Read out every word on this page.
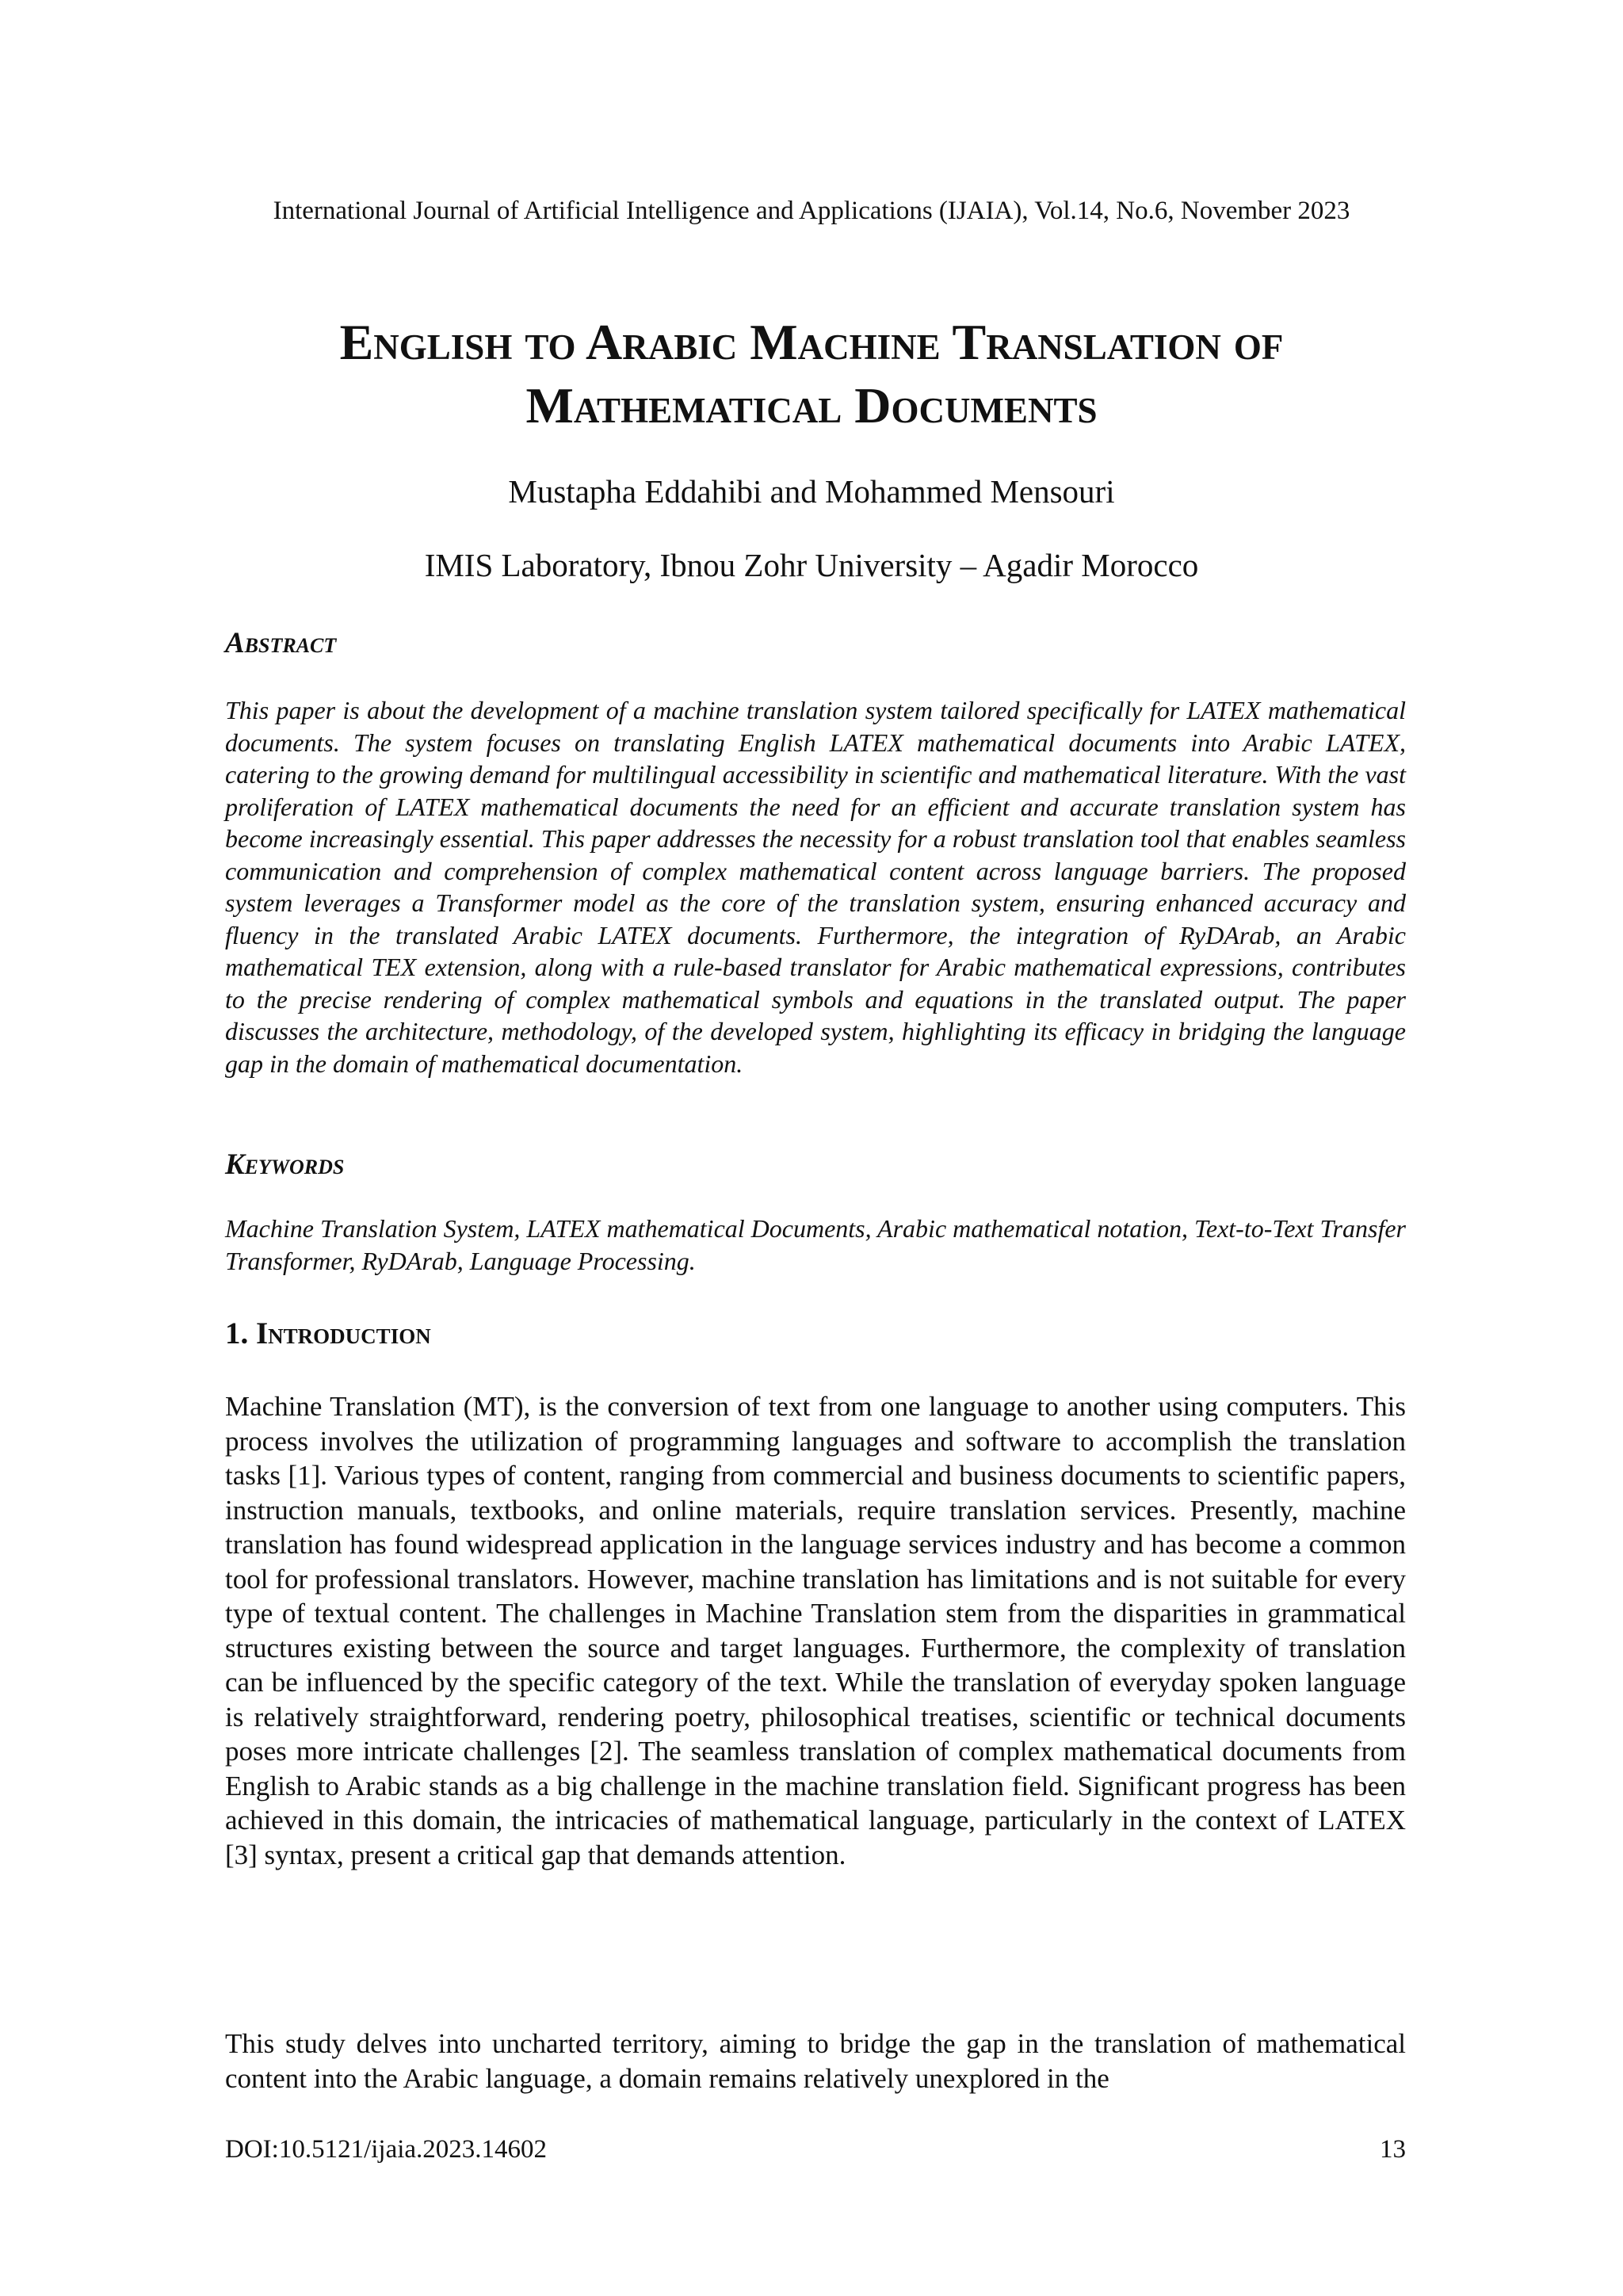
International Journal of Artificial Intelligence and Applications (IJAIA), Vol.14, No.6, November 2023
English to Arabic Machine Translation of
Mathematical Documents
Mustapha Eddahibi and Mohammed Mensouri
IMIS Laboratory, Ibnou Zohr University – Agadir Morocco
Abstract

This paper is about the development of a machine translation system tailored specifically for LATEX mathematical documents. The system focuses on translating English LATEX mathematical documents into Arabic LATEX, catering to the growing demand for multilingual accessibility in scientific and mathematical literature. With the vast proliferation of LATEX mathematical documents the need for an efficient and accurate translation system has become increasingly essential. This paper addresses the necessity for a robust translation tool that enables seamless communication and comprehension of complex mathematical content across language barriers. The proposed system leverages a Transformer model as the core of the translation system, ensuring enhanced accuracy and fluency in the translated Arabic LATEX documents. Furthermore, the integration of RyDArab, an Arabic mathematical TEX extension, along with a rule-based translator for Arabic mathematical expressions, contributes to the precise rendering of complex mathematical symbols and equations in the translated output. The paper discusses the architecture, methodology, of the developed system, highlighting its efficacy in bridging the language gap in the domain of mathematical documentation.

Keywords

Machine Translation System, LATEX mathematical Documents, Arabic mathematical notation, Text-to-Text Transfer Transformer, RyDArab, Language Processing.

1. Introduction

Machine Translation (MT), is the conversion of text from one language to another using computers. This process involves the utilization of programming languages and software to accomplish the translation tasks [1]. Various types of content, ranging from commercial and business documents to scientific papers, instruction manuals, textbooks, and online materials, require translation services. Presently, machine translation has found widespread application in the language services industry and has become a common tool for professional translators. However, machine translation has limitations and is not suitable for every type of textual content. The challenges in Machine Translation stem from the disparities in grammatical structures existing between the source and target languages. Furthermore, the complexity of translation can be influenced by the specific category of the text. While the translation of everyday spoken language is relatively straightforward, rendering poetry, philosophical treatises, scientific or technical documents poses more intricate challenges [2]. The seamless translation of complex mathematical documents from English to Arabic stands as a big challenge in the machine translation field. Significant progress has been achieved in this domain, the intricacies of mathematical language, particularly in the context of LATEX [3] syntax, present a critical gap that demands attention.

This study delves into uncharted territory, aiming to bridge the gap in the translation of mathematical content into the Arabic language, a domain remains relatively unexplored in the

DOI:10.5121/ijaia.2023.14602	13
